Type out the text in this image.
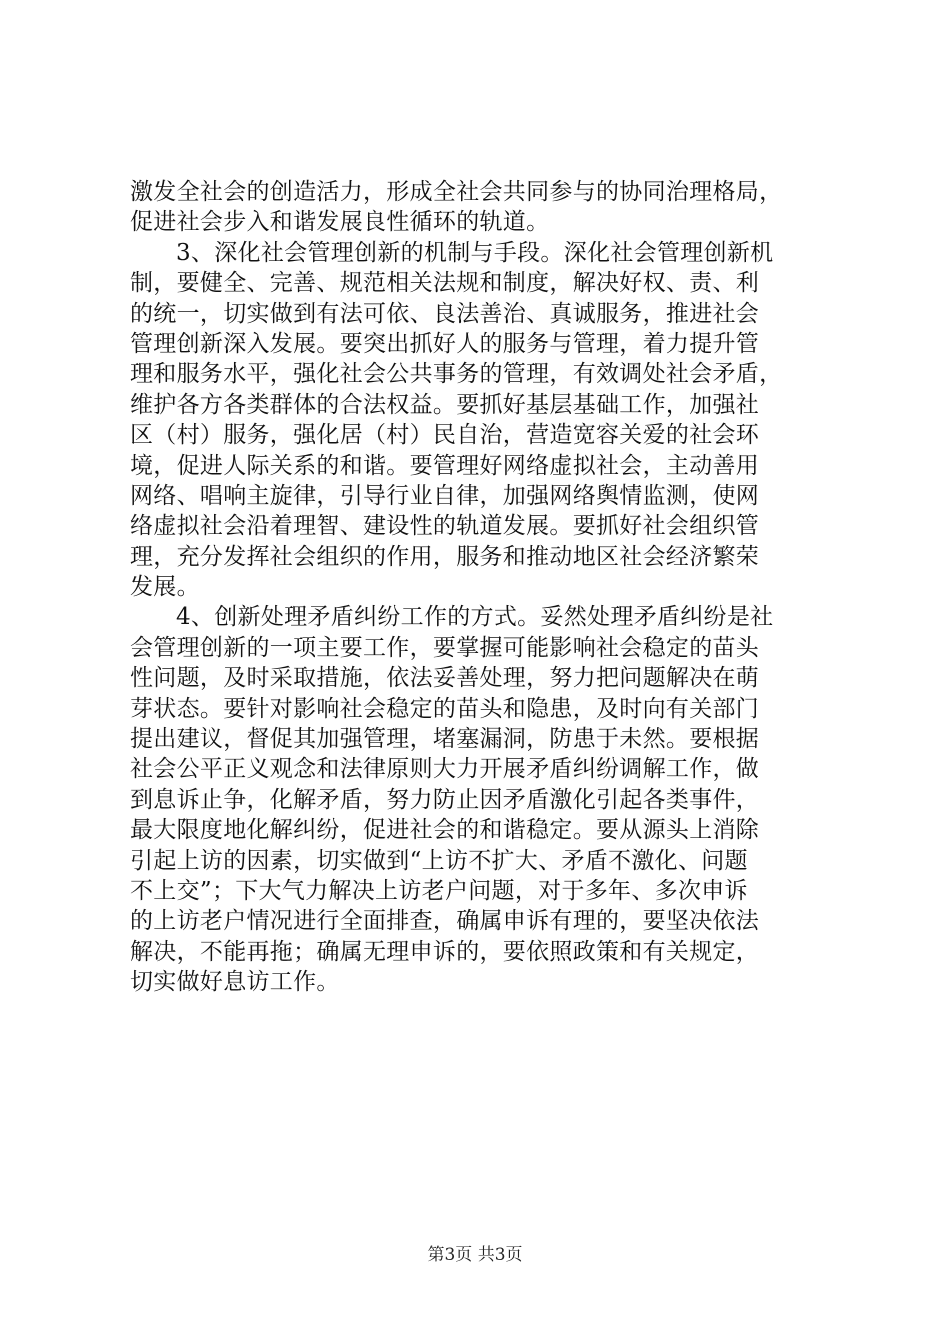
激发全社会的创造活力，形成全社会共同参与的协同治理格局，
促进社会步入和谐发展良性循环的轨道。
3、深化社会管理创新的机制与手段。深化社会管理创新机
制，要健全、完善、规范相关法规和制度，解决好权、责、利
的统一，切实做到有法可依、良法善治、真诚服务，推进社会
管理创新深入发展。要突出抓好人的服务与管理，着力提升管
理和服务水平，强化社会公共事务的管理，有效调处社会矛盾，
维护各方各类群体的合法权益。要抓好基层基础工作，加强社
区（村）服务，强化居（村）民自治，营造宽容关爱的社会环
境，促进人际关系的和谐。要管理好网络虚拟社会，主动善用
网络、唱响主旋律，引导行业自律，加强网络舆情监测，使网
络虚拟社会沿着理智、建设性的轨道发展。要抓好社会组织管
理，充分发挥社会组织的作用，服务和推动地区社会经济繁荣
发展。
4、创新处理矛盾纠纷工作的方式。妥然处理矛盾纠纷是社
会管理创新的一项主要工作，要掌握可能影响社会稳定的苗头
性问题，及时采取措施，依法妥善处理，努力把问题解决在萌
芽状态。要针对影响社会稳定的苗头和隐患，及时向有关部门
提出建议，督促其加强管理，堵塞漏洞，防患于未然。要根据
社会公平正义观念和法律原则大力开展矛盾纠纷调解工作，做
到息诉止争，化解矛盾，努力防止因矛盾激化引起各类事件，
最大限度地化解纠纷，促进社会的和谐稳定。要从源头上消除
引起上访的因素，切实做到“上访不扩大、矛盾不激化、问题
不上交”；下大气力解决上访老户问题，对于多年、多次申诉
的上访老户情况进行全面排查，确属申诉有理的，要坚决依法
解决，不能再拖；确属无理申诉的，要依照政策和有关规定，
切实做好息访工作。
第3页 共3页
